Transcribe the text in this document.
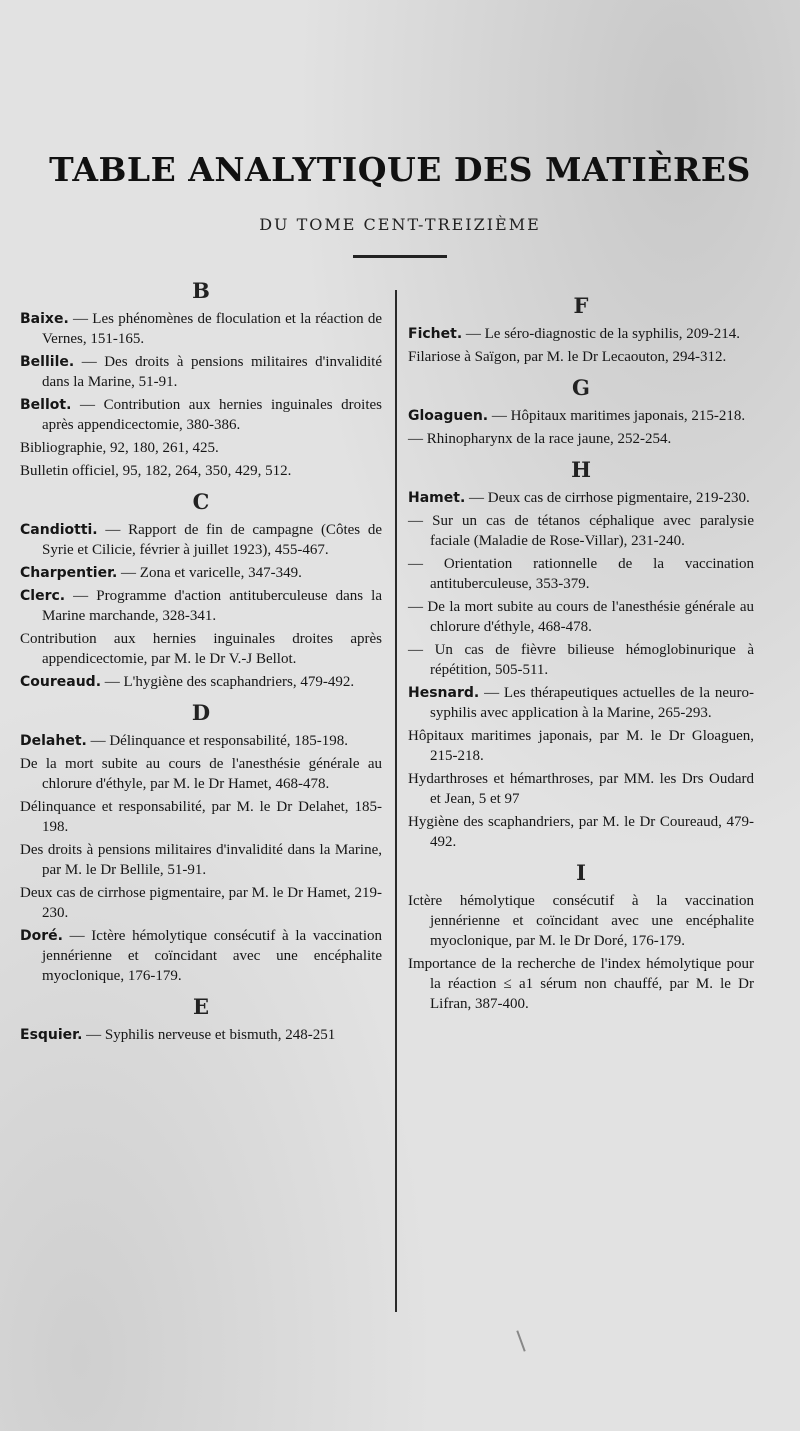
TABLE ANALYTIQUE DES MATIÈRES
DU TOME CENT-TREIZIÈME
B
Baixe. — Les phénomènes de floculation et la réaction de Vernes, 151-165.
Bellile. — Des droits à pensions militaires d'invalidité dans la Marine, 51-91.
Bellot. — Contribution aux hernies inguinales droites après appendicectomie, 380-386.
Bibliographie, 92, 180, 261, 425.
Bulletin officiel, 95, 182, 264, 350, 429, 512.
C
Candiotti. — Rapport de fin de campagne (Côtes de Syrie et Cilicie, février à juillet 1923), 455-467.
Charpentier. — Zona et varicelle, 347-349.
Clerc. — Programme d'action antituberculeuse dans la Marine marchande, 328-341.
Contribution aux hernies inguinales droites après appendicectomie, par M. le Dr V.-J Bellot.
Coureaud. — L'hygiène des scaphandriers, 479-492.
D
Delahet. — Délinquance et responsabilité, 185-198.
De la mort subite au cours de l'anesthésie générale au chlorure d'éthyle, par M. le Dr Hamet, 468-478.
Délinquance et responsabilité, par M. le Dr Delahet, 185-198.
Des droits à pensions militaires d'invalidité dans la Marine, par M. le Dr Bellile, 51-91.
Deux cas de cirrhose pigmentaire, par M. le Dr Hamet, 219-230.
Doré. — Ictère hémolytique consécutif à la vaccination jennérienne et coïncidant avec une encéphalite myoclonique, 176-179.
E
Esquier. — Syphilis nerveuse et bismuth, 248-251
F
Fichet. — Le séro-diagnostic de la syphilis, 209-214.
Filariose à Saïgon, par M. le Dr Lecaouton, 294-312.
G
Gloaguen. — Hôpitaux maritimes japonais, 215-218.
— Rhinopharynx de la race jaune, 252-254.
H
Hamet. — Deux cas de cirrhose pigmentaire, 219-230.
— Sur un cas de tétanos céphalique avec paralysie faciale (Maladie de Rose-Villar), 231-240.
— Orientation rationnelle de la vaccination antituberculeuse, 353-379.
— De la mort subite au cours de l'anesthésie générale au chlorure d'éthyle, 468-478.
— Un cas de fièvre bilieuse hémoglobinurique à répétition, 505-511.
Hesnard. — Les thérapeutiques actuelles de la neuro-syphilis avec application à la Marine, 265-293.
Hôpitaux maritimes japonais, par M. le Dr Gloaguen, 215-218.
Hydarthroses et hémarthroses, par MM. les Drs Oudard et Jean, 5 et 97
Hygiène des scaphandriers, par M. le Dr Coureaud, 479-492.
I
Ictère hémolytique consécutif à la vaccination jennérienne et coïncidant avec une encéphalite myoclonique, par M. le Dr Doré, 176-179.
Importance de la recherche de l'index hémolytique pour la réaction ≤ a1 sérum non chauffé, par M. le Dr Lifran, 387-400.
